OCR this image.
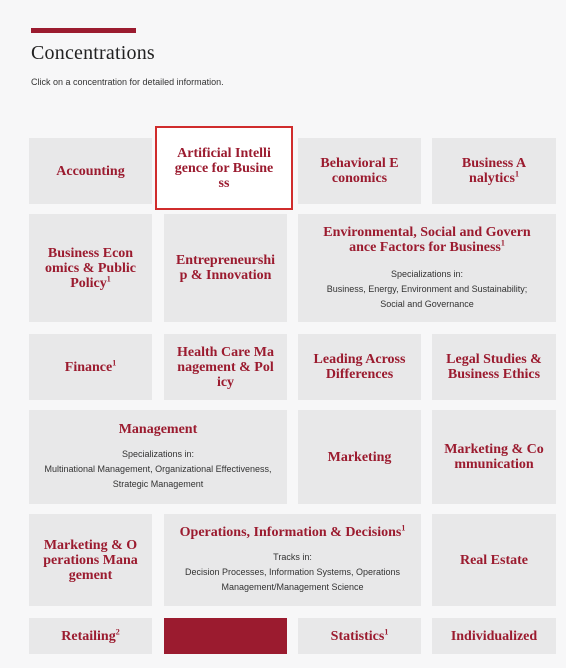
Concentrations
Click on a concentration for detailed information.
Accounting
Artificial Intelligence for Business
Behavioral Economics
Business Analytics$^1$
Business Economics & Public Policy$^1$
Entrepreneurship & Innovation
Environmental, Social and Governance Factors for Business$^1$
Specializations in:
Business, Energy, Environment and Sustainability; Social and Governance
Finance$^1$
Health Care Management & Policy
Leading Across Differences
Legal Studies & Business Ethics
Management
Specializations in:
Multinational Management, Organizational Effectiveness, Strategic Management
Marketing	Marketing & Communication
Marketing & Operations Management
Operations, Information & Decisions$^1$
Tracks in:
Decision Processes, Information Systems, Operations Management/Management Science
Real Estate
Retailing$^2$	Statistics$^1$	Individualized
